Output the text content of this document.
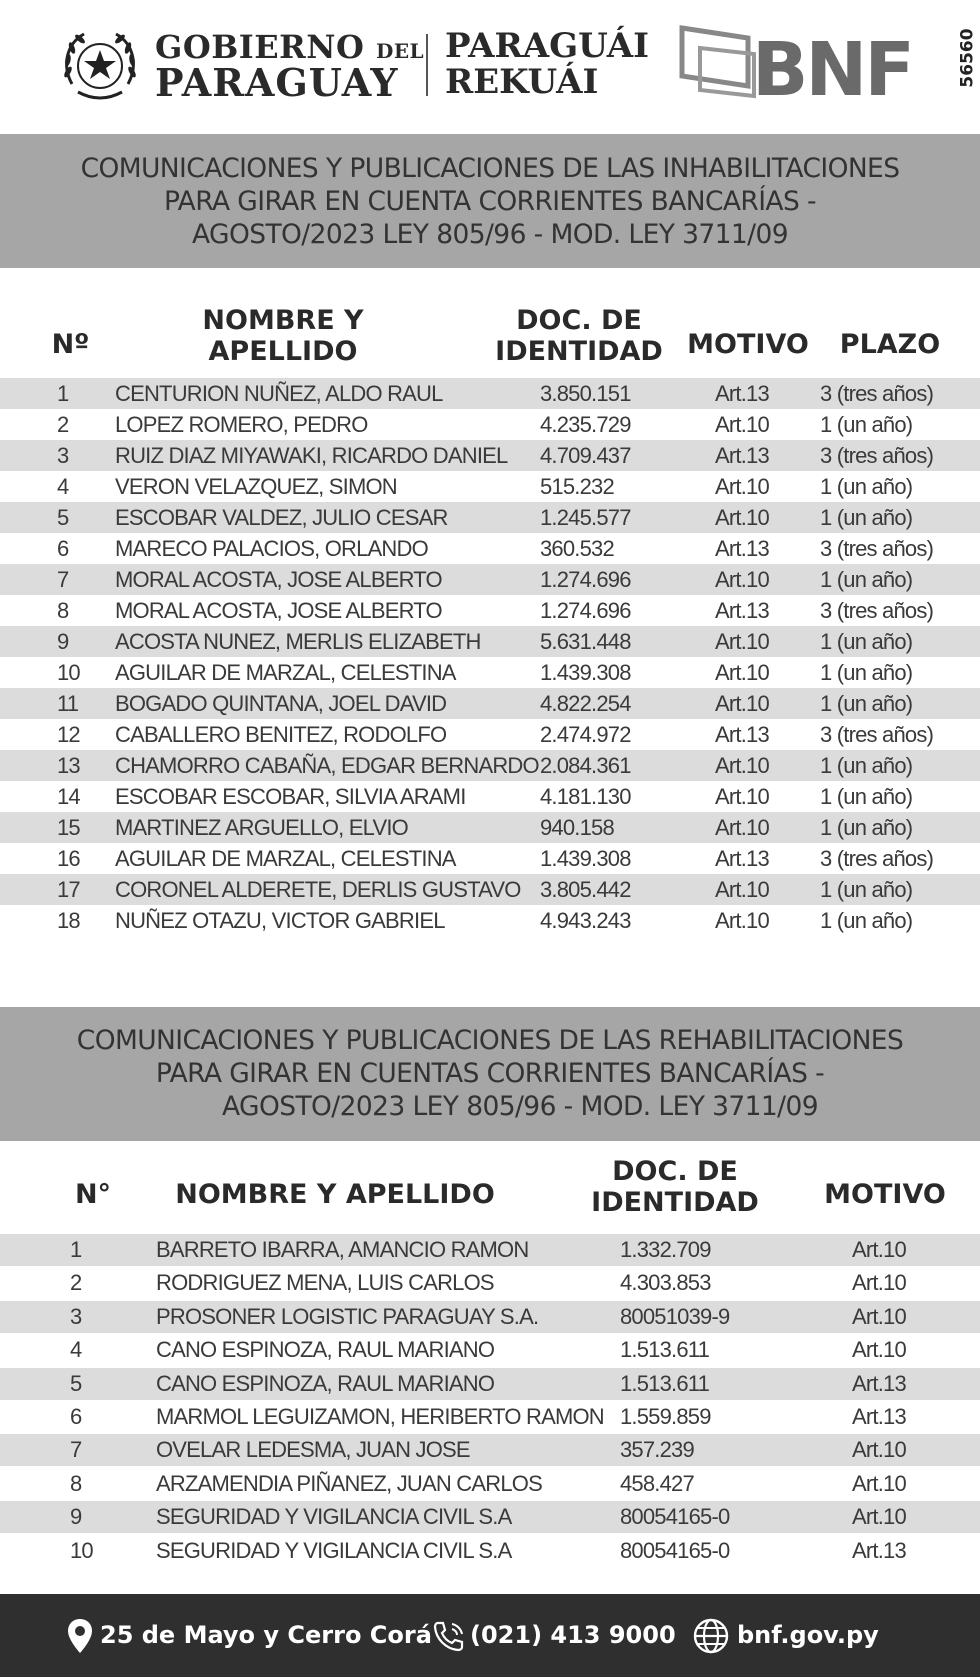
GOBIERNO DEL
PARAGUAY
PARAGUÁI
REKUÁI BNF	56560
COMUNICACIONES Y PUBLICACIONES DE LAS INHABILITACIONES
PARA GIRAR EN CUENTA CORRIENTES BANCARÍAS -
AGOSTO/2023 LEY 805/96 - MOD. LEY 3711/09
Nº
NOMBRE Y
APELLIDO
DOC. DE
IDENTIDAD MOTIVO PLAZO
1 CENTURION NUÑEZ, ALDO RAUL	3.850.151	Art.13 3 (tres años)
2 LOPEZ ROMERO, PEDRO	4.235.729	Art.10 1 (un año)
3 RUIZ DIAZ MIYAWAKI, RICARDO DANIEL 4.709.437	Art.13 3 (tres años)
4 VERON VELAZQUEZ, SIMON	515.232	Art.10 1 (un año)
5 ESCOBAR VALDEZ, JULIO CESAR	1.245.577	Art.10 1 (un año)
6 MARECO PALACIOS, ORLANDO	360.532	Art.13 3 (tres años)
7 MORAL ACOSTA, JOSE ALBERTO	1.274.696	Art.10 1 (un año)
8 MORAL ACOSTA, JOSE ALBERTO	1.274.696	Art.13 3 (tres años)
9 ACOSTA NUNEZ, MERLIS ELIZABETH	5.631.448	Art.10 1 (un año)
10 AGUILAR DE MARZAL, CELESTINA	1.439.308	Art.10 1 (un año)
11 BOGADO QUINTANA, JOEL DAVID	4.822.254	Art.10 1 (un año)
12 CABALLERO BENITEZ, RODOLFO	2.474.972	Art.13 3 (tres años)
13 CHAMORRO CABAÑA, EDGAR BERNARDO 2.084.361	Art.10 1 (un año)
14 ESCOBAR ESCOBAR, SILVIA ARAMI	4.181.130	Art.10 1 (un año)
15 MARTINEZ ARGUELLO, ELVIO	940.158	Art.10 1 (un año)
16 AGUILAR DE MARZAL, CELESTINA	1.439.308	Art.13 3 (tres años)
17 CORONEL ALDERETE, DERLIS GUSTAVO 3.805.442	Art.10 1 (un año)
18 NUÑEZ OTAZU, VICTOR GABRIEL	4.943.243	Art.10 1 (un año)
COMUNICACIONES Y PUBLICACIONES DE LAS REHABILITACIONES
PARA GIRAR EN CUENTAS CORRIENTES BANCARÍAS -
AGOSTO/2023 LEY 805/96 - MOD. LEY 3711/09
N°	NOMBRE Y APELLIDO
DOC. DE
IDENTIDAD	MOTIVO
1	BARRETO IBARRA, AMANCIO RAMON	1.332.709	Art.10
2	RODRIGUEZ MENA, LUIS CARLOS	4.303.853	Art.10
3	PROSONER LOGISTIC PARAGUAY S.A.	80051039-9	Art.10
4	CANO ESPINOZA, RAUL MARIANO	1.513.611	Art.10
5	CANO ESPINOZA, RAUL MARIANO	1.513.611	Art.13
6	MARMOL LEGUIZAMON, HERIBERTO RAMON 1.559.859	Art.13
7	OVELAR LEDESMA, JUAN JOSE	357.239	Art.10
8	ARZAMENDIA PIÑANEZ, JUAN CARLOS	458.427	Art.10
9	SEGURIDAD Y VIGILANCIA CIVIL S.A	80054165-0	Art.10
10	SEGURIDAD Y VIGILANCIA CIVIL S.A	80054165-0	Art.13
25 de Mayo y Cerro Corá (021) 413 9000	bnf.gov.py
